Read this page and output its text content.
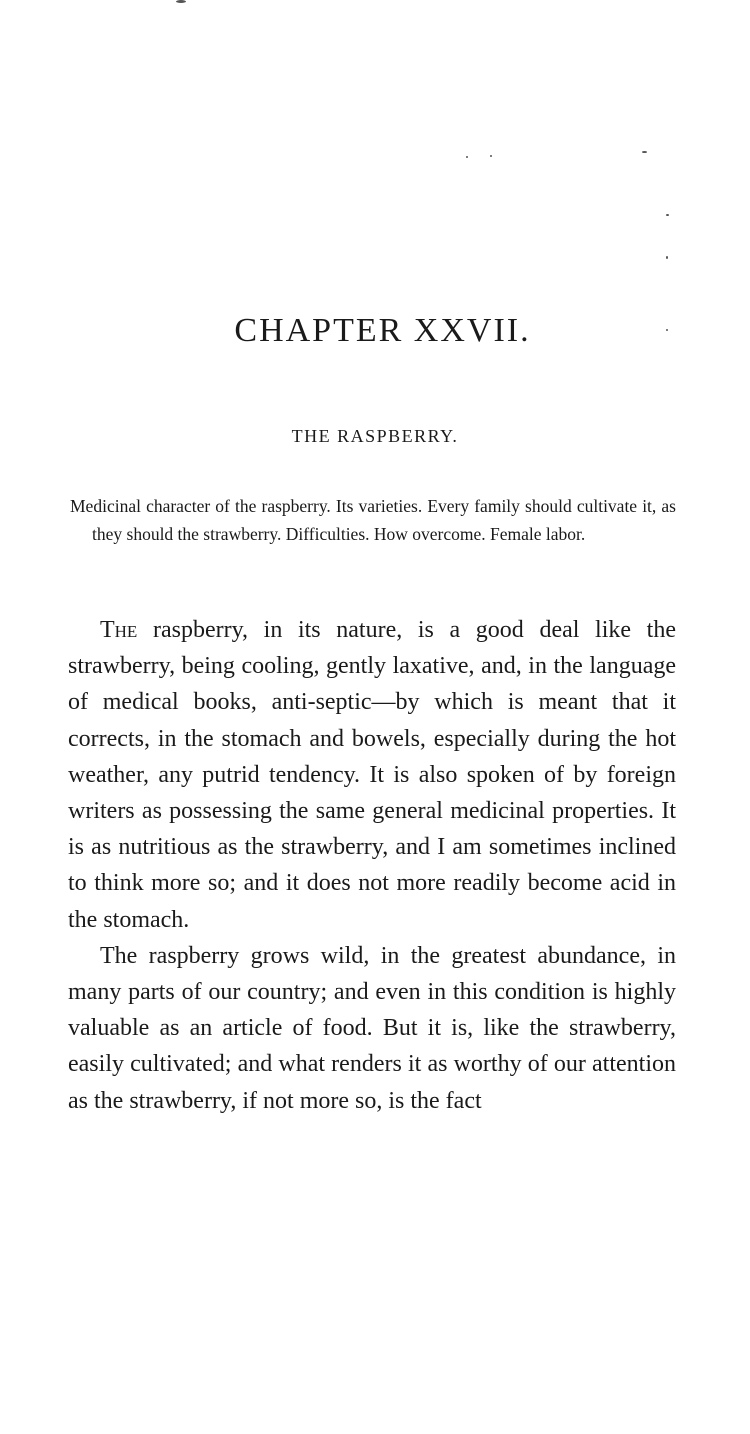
CHAPTER XXVII.
THE RASPBERRY.

Medicinal character of the raspberry. Its varieties. Every family should cultivate it, as they should the strawberry. Difficulties. How overcome. Female labor.

The raspberry, in its nature, is a good deal like the strawberry, being cooling, gently laxative, and, in the language of medical books, anti-septic—by which is meant that it corrects, in the stomach and bowels, especially during the hot weather, any putrid tendency. It is also spoken of by foreign writers as possessing the same general medicinal properties. It is as nutritious as the strawberry, and I am sometimes inclined to think more so; and it does not more readily become acid in the stomach.

The raspberry grows wild, in the greatest abundance, in many parts of our country; and even in this condition is highly valuable as an article of food. But it is, like the strawberry, easily cultivated; and what renders it as worthy of our attention as the strawberry, if not more so, is the fact
